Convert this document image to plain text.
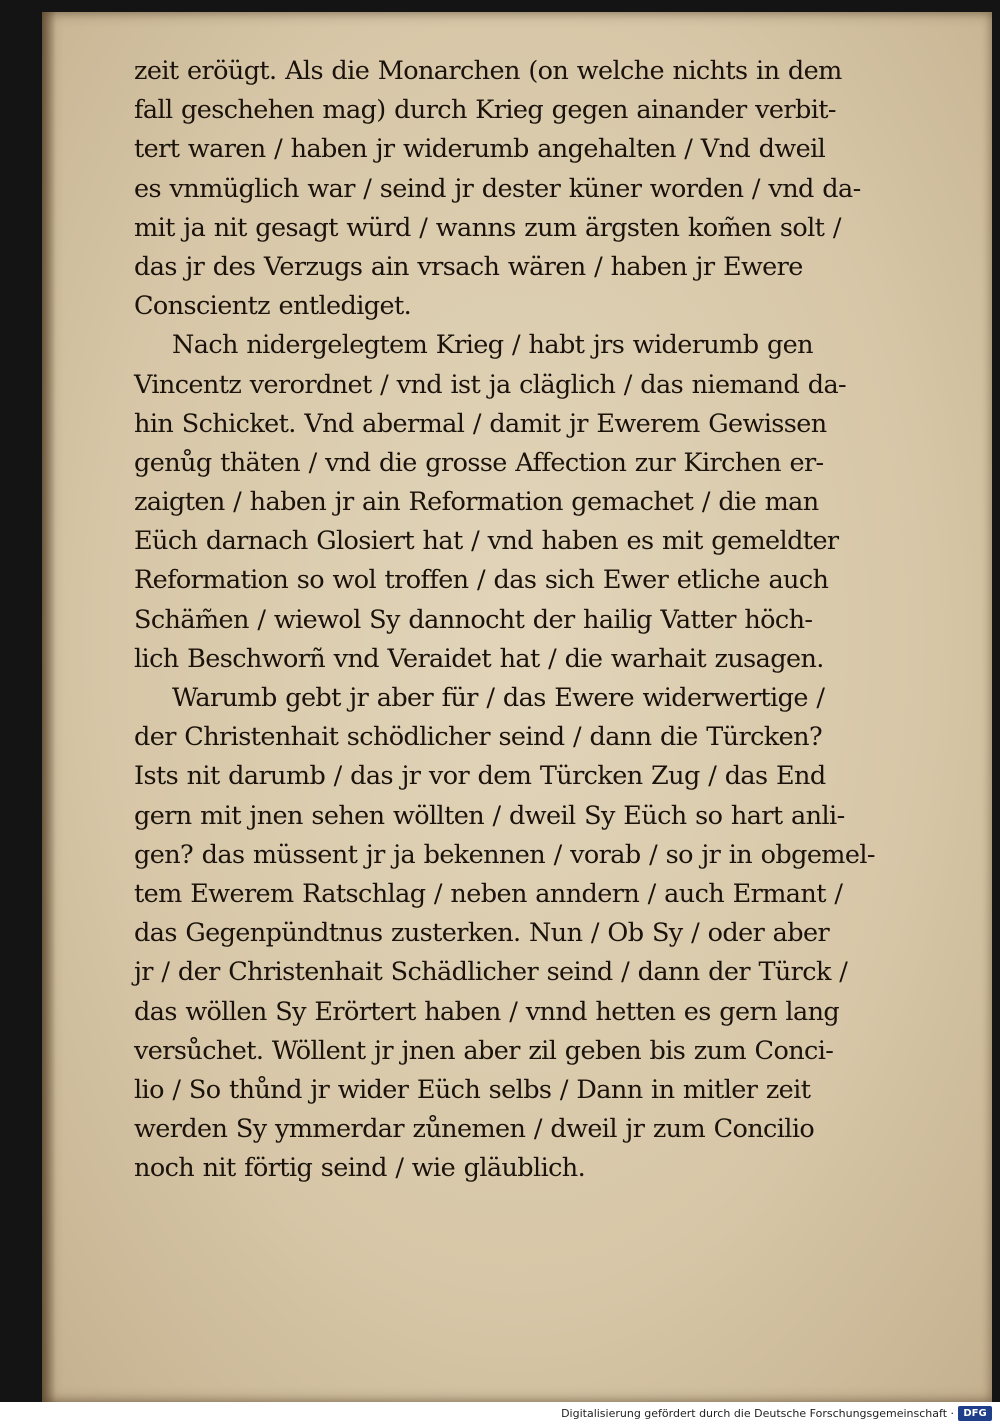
zeit eröügt. Als die Monarchen (on welche nichts in dem
fall geschehen mag) durch Krieg gegen ainander verbit-
tert waren / haben jr widerumb angehalten / Vnd dweil
es vnmüglich war / seind jr dester küner worden / vnd da-
mit ja nit gesagt würd / wanns zum ärgsten kom̃en solt /
das jr des Verzugs ain vrsach wären / haben jr Ewere
Conscientz entlediget.
Nach nidergelegtem Krieg / habt jrs widerumb gen
Vincentz verordnet / vnd ist ja cläglich / das niemand da-
hin Schicket. Vnd abermal / damit jr Ewerem Gewissen
genůg thäten / vnd die grosse Affection zur Kirchen er-
zaigten / haben jr ain Reformation gemachet / die man
Eüch darnach Glosiert hat / vnd haben es mit gemeldter
Reformation so wol troffen / das sich Ewer etliche auch
Schäm̃en / wiewol Sy dannocht der hailig Vatter höch-
lich Beschworñ vnd Veraidet hat / die warhait zusagen.
Warumb gebt jr aber für / das Ewere widerwertige /
der Christenhait schödlicher seind / dann die Türcken?
Ists nit darumb / das jr vor dem Türcken Zug / das End
gern mit jnen sehen wöllten / dweil Sy Eüch so hart anli-
gen? das müssent jr ja bekennen / vorab / so jr in obgemel-
tem Ewerem Ratschlag / neben anndern / auch Ermant /
das Gegenpündtnus zusterken. Nun / Ob Sy / oder aber
jr / der Christenhait Schädlicher seind / dann der Türck /
das wöllen Sy Erörtert haben / vnnd hetten es gern lang
versůchet. Wöllent jr jnen aber zil geben bis zum Conci-
lio / So thůnd jr wider Eüch selbs / Dann in mitler zeit
werden Sy ymmerdar zůnemen / dweil jr zum Concilio
noch nit förtig seind / wie gläublich.
Digitalisierung gefördert durch die Deutsche Forschungsgemeinschaft · DFG
